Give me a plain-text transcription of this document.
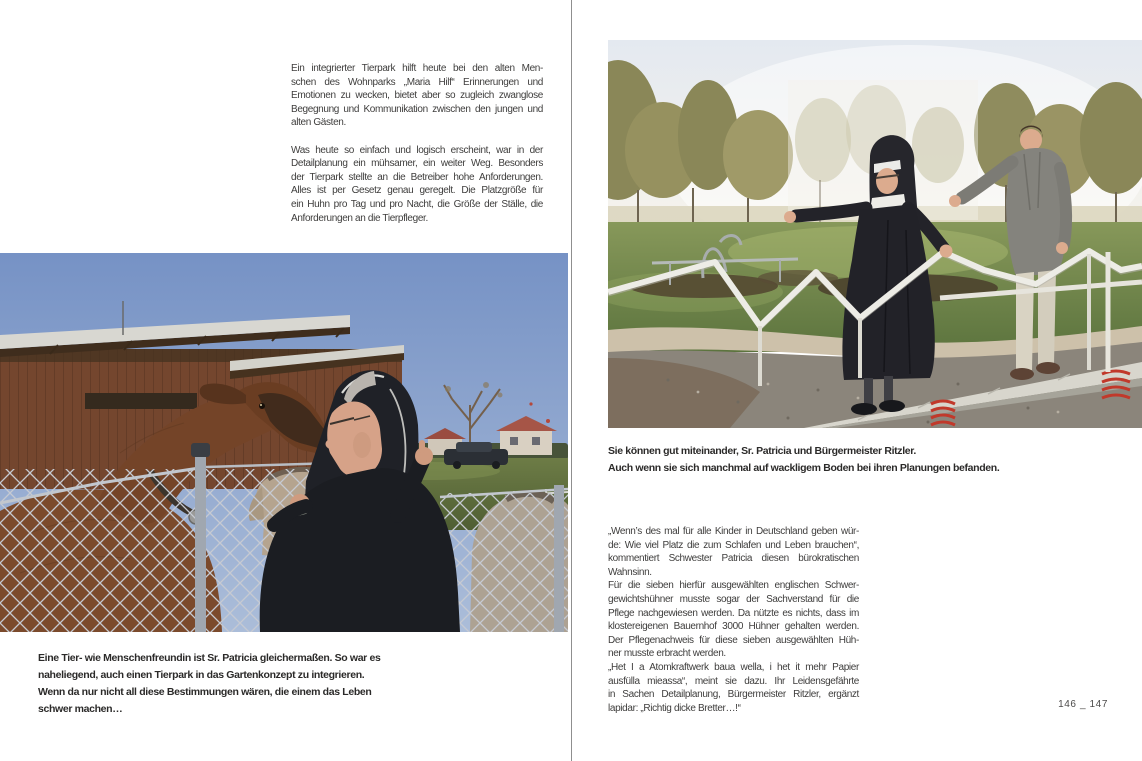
Ein integrierter Tierpark hilft heute bei den alten Men-
schen des Wohnparks „Maria Hilf“ Erinnerungen und
Emotionen zu wecken, bietet aber so zugleich zwanglose
Begegnung und Kommunikation zwischen den jungen und
alten Gästen.
Was heute so einfach und logisch erscheint, war in der
Detailplanung ein mühsamer, ein weiter Weg. Besonders
der Tierpark stellte an die Betreiber hohe Anforderungen.
Alles ist per Gesetz genau geregelt. Die Platzgröße für
ein Huhn pro Tag und pro Nacht, die Größe der Ställe, die
Anforderungen an die Tierpfleger.
Eine Tier- wie Menschenfreundin ist Sr. Patricia gleichermaßen. So war es
naheliegend, auch einen Tierpark in das Gartenkonzept zu integrieren.
Wenn da nur nicht all diese Bestimmungen wären, die einem das Leben
schwer machen…
Sie können gut miteinander, Sr. Patricia und Bürgermeister Ritzler.
Auch wenn sie sich manchmal auf wackligem Boden bei ihren Planungen befanden.
„Wenn’s des mal für alle Kinder in Deutschland geben wür-
de: Wie viel Platz die zum Schlafen und Leben brauchen“,
kommentiert Schwester Patricia diesen bürokratischen
Wahnsinn.
Für die sieben hierfür ausgewählten englischen Schwer-
gewichtshühner musste sogar der Sachverstand für die
Pflege nachgewiesen werden. Da nützte es nichts, dass im
klostereigenen Bauernhof 3000 Hühner gehalten werden.
Der Pflegenachweis für diese sieben ausgewählten Hüh-
ner musste erbracht werden.
„Het I a Atomkraftwerk baua wella, i het it mehr Papier
ausfülla mieassa“, meint sie dazu. Ihr Leidensgefährte
in Sachen Detailplanung, Bürgermeister Ritzler, ergänzt
lapidar: „Richtig dicke Bretter…!“	146 _ 147
